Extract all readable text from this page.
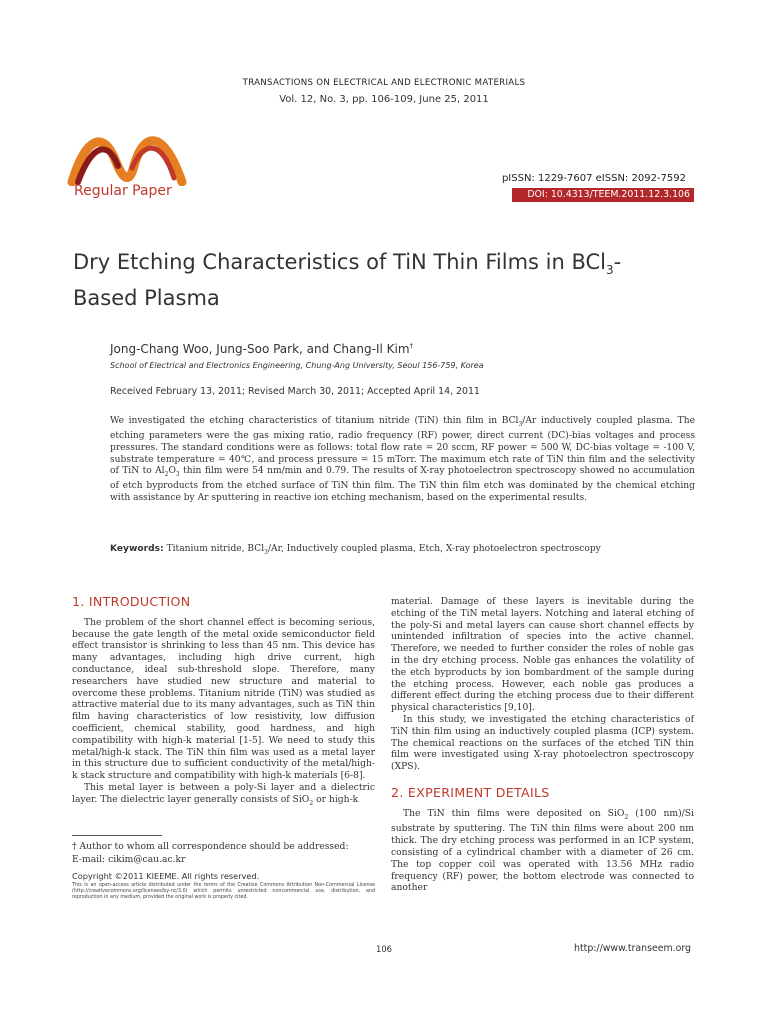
TRANSACTIONS ON ELECTRICAL AND ELECTRONIC MATERIALS
Vol. 12, No. 3, pp. 106-109, June 25, 2011
Regular Paper
pISSN: 1229-7607 eISSN: 2092-7592
DOI: 10.4313/TEEM.2011.12.3.106
Dry Etching Characteristics of TiN Thin Films in BCl$_3$-
Based Plasma
Jong-Chang Woo, Jung-Soo Park, and Chang-Il Kim†
School of Electrical and Electronics Engineering, Chung-Ang University, Seoul 156-759, Korea
Received February 13, 2011; Revised March 30, 2011; Accepted April 14, 2011
We investigated the etching characteristics of titanium nitride (TiN) thin film in BCl$_3$/Ar inductively coupled plasma. The etching parameters were the gas mixing ratio, radio frequency (RF) power, direct current (DC)-bias voltages and process pressures. The standard conditions were as follows: total flow rate = 20 sccm, RF power = 500 W, DC-bias voltage = -100 V, substrate temperature = 40℃, and process pressure = 15 mTorr. The maximum etch rate of TiN thin film and the selectivity of TiN to $Al_2O_3$ thin film were 54 nm/min and 0.79. The results of X-ray photoelectron spectroscopy showed no accumulation of etch byproducts from the etched surface of TiN thin film. The TiN thin film etch was dominated by the chemical etching with assistance by Ar sputtering in reactive ion etching mechanism, based on the experimental results.
Keywords: Titanium nitride, BCl$_3$/Ar, Inductively coupled plasma, Etch, X-ray photoelectron spectroscopy

1. INTRODUCTION

The problem of the short channel effect is becoming serious, because the gate length of the metal oxide semiconductor field effect transistor is shrinking to less than 45 nm. This device has many advantages, including high drive current, high conductance, ideal sub-threshold slope. Therefore, many researchers have studied new structure and material to overcome these problems. Titanium nitride (TiN) was studied as attractive material due to its many advantages, such as TiN thin film having characteristics of low resistivity, low diffusion coefficient, chemical stability, good hardness, and high compatibility with high-k material [1-5]. We need to study this metal/high-k stack. The TiN thin film was used as a metal layer in this structure due to sufficient conductivity of the metal/high-k stack structure and compatibility with high-k materials [6-8].

This metal layer is between a poly-Si layer and a dielectric layer. The dielectric layer generally consists of SiO$_2$ or high-k

material. Damage of these layers is inevitable during the etching of the TiN metal layers. Notching and lateral etching of the poly-Si and metal layers can cause short channel effects by unintended infiltration of species into the active channel. Therefore, we needed to further consider the roles of noble gas in the dry etching process. Noble gas enhances the volatility of the etch byproducts by ion bombardment of the sample during the etching process. However, each noble gas produces a different effect during the etching process due to their different physical characteristics [9,10].

In this study, we investigated the etching characteristics of TiN thin film using an inductively coupled plasma (ICP) system. The chemical reactions on the surfaces of the etched TiN thin film were investigated using X-ray photoelectron spectroscopy (XPS).

2. EXPERIMENT DETAILS

The TiN thin films were deposited on SiO$_2$ (100 nm)/Si substrate by sputtering. The TiN thin films were about 200 nm thick. The dry etching process was performed in an ICP system, consisting of a cylindrical chamber with a diameter of 26 cm. The top copper coil was operated with 13.56 MHz radio frequency (RF) power, the bottom electrode was connected to another

† Author to whom all correspondence should be addressed:
E-mail: cikim@cau.ac.kr
Copyright ©2011 KIEEME. All rights reserved.
This is an open-access article distributed under the terms of the Creative Commons Attribution Non-Commercial License (http://creativecommons.org/licenses/by-nc/3.0) which permits unrestricted noncommercial use, distribution, and reproduction in any medium, provided the original work is properly cited.
106	http://www.transeem.org
